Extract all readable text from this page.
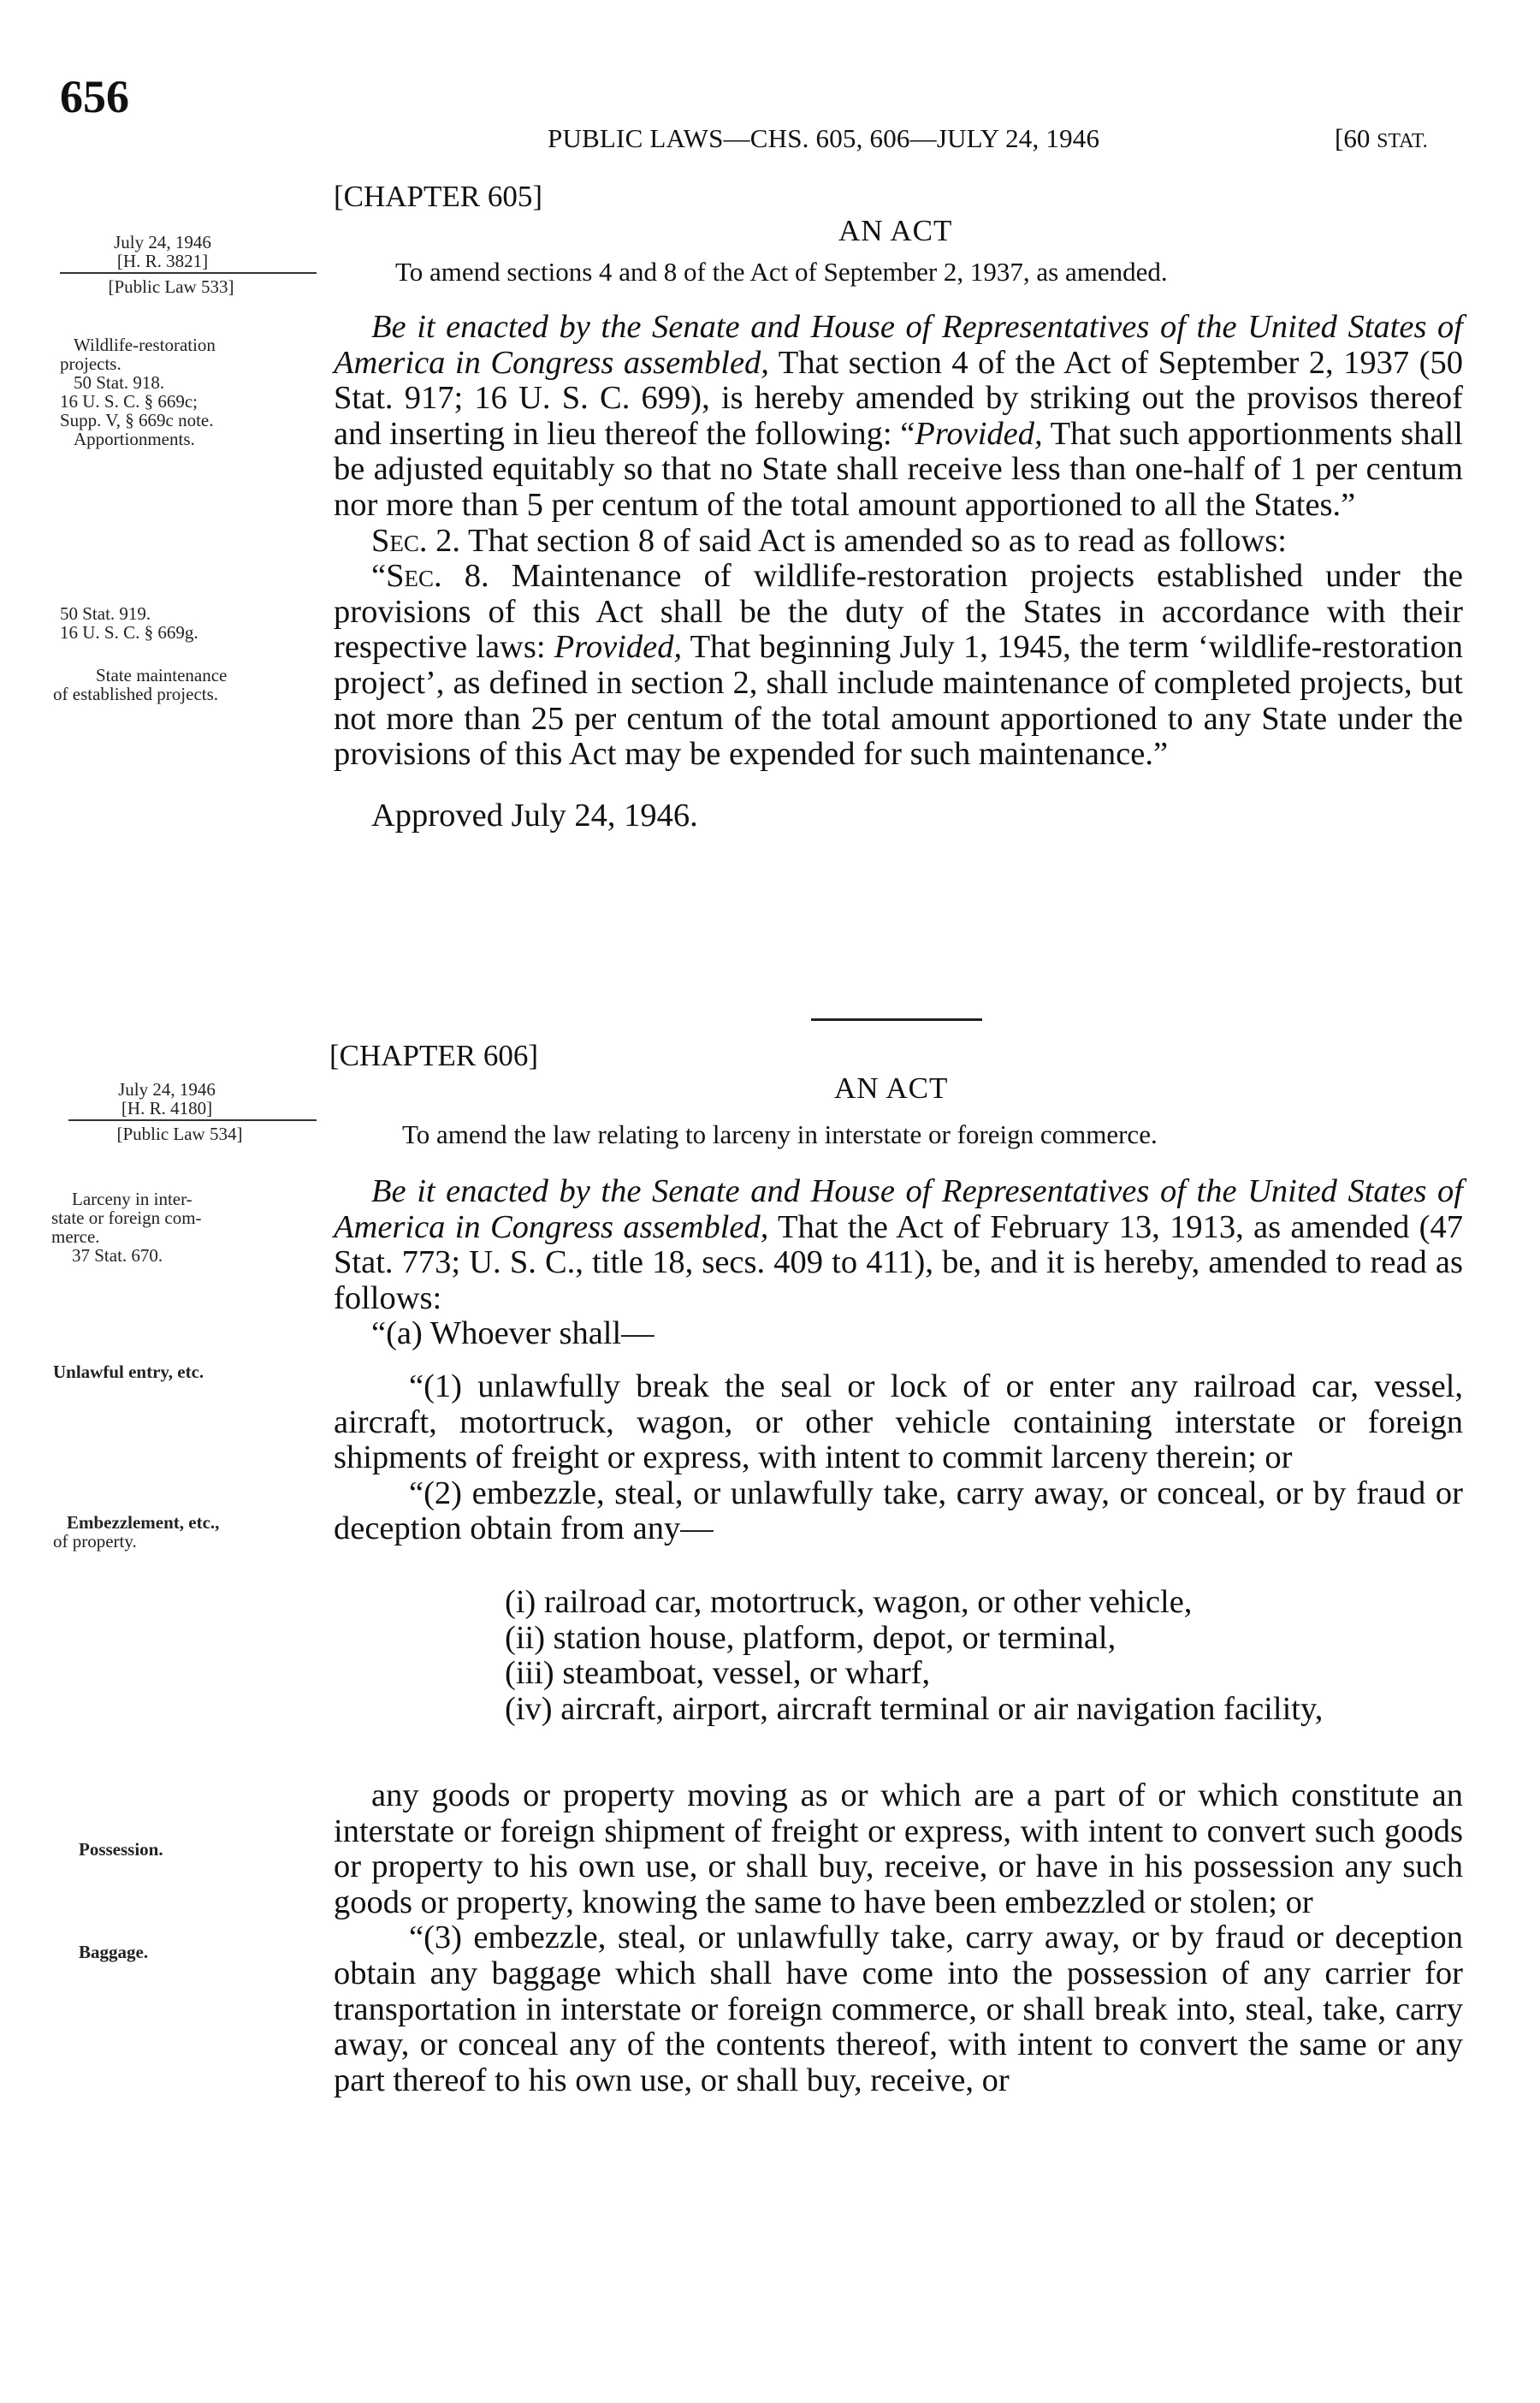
656
PUBLIC LAWS—CHS. 605, 606—JULY 24, 1946	[60 STAT.
[CHAPTER 605]
AN ACT
To amend sections 4 and 8 of the Act of September 2, 1937, as amended.
July 24, 1946
[H. R. 3821]
[Public Law 533]
Wildlife-restoration
projects.
50 Stat. 918.
16 U. S. C. § 669c;
Supp. V, § 669c note.
Apportionments.
50 Stat. 919.
16 U. S. C. § 669g.
State maintenance
of established projects.

Be it enacted by the Senate and House of Representatives of the United States of America in Congress assembled, That section 4 of the Act of September 2, 1937 (50 Stat. 917; 16 U. S. C. 699), is hereby amended by striking out the provisos thereof and inserting in lieu thereof the following: “Provided, That such apportionments shall be adjusted equitably so that no State shall receive less than one-half of 1 per centum nor more than 5 per centum of the total amount apportioned to all the States.”

Sec. 2. That section 8 of said Act is amended so as to read as follows:

“Sec. 8. Maintenance of wildlife-restoration projects established under the provisions of this Act shall be the duty of the States in accordance with their respective laws: Provided, That beginning July 1, 1945, the term ‘wildlife-restoration project’, as defined in section 2, shall include maintenance of completed projects, but not more than 25 per centum of the total amount apportioned to any State under the provisions of this Act may be expended for such maintenance.”

Approved July 24, 1946.

[CHAPTER 606]
AN ACT
To amend the law relating to larceny in interstate or foreign commerce.
July 24, 1946
[H. R. 4180]
[Public Law 534]
Larceny in inter-
state or foreign com-
merce.
37 Stat. 670.
Unlawful entry, etc.
Embezzlement, etc.,
of property.
Possession.
Baggage.

Be it enacted by the Senate and House of Representatives of the United States of America in Congress assembled, That the Act of February 13, 1913, as amended (47 Stat. 773; U. S. C., title 18, secs. 409 to 411), be, and it is hereby, amended to read as follows:

“(a) Whoever shall—

“(1) unlawfully break the seal or lock of or enter any railroad car, vessel, aircraft, motortruck, wagon, or other vehicle containing interstate or foreign shipments of freight or express, with intent to commit larceny therein; or

“(2) embezzle, steal, or unlawfully take, carry away, or conceal, or by fraud or deception obtain from any—

(i) railroad car, motortruck, wagon, or other vehicle,

(ii) station house, platform, depot, or terminal,

(iii) steamboat, vessel, or wharf,

(iv) aircraft, airport, aircraft terminal or air navigation facility,

any goods or property moving as or which are a part of or which constitute an interstate or foreign shipment of freight or express, with intent to convert such goods or property to his own use, or shall buy, receive, or have in his possession any such goods or property, knowing the same to have been embezzled or stolen; or

“(3) embezzle, steal, or unlawfully take, carry away, or by fraud or deception obtain any baggage which shall have come into the possession of any carrier for transportation in interstate or foreign commerce, or shall break into, steal, take, carry away, or conceal any of the contents thereof, with intent to convert the same or any part thereof to his own use, or shall buy, receive, or
